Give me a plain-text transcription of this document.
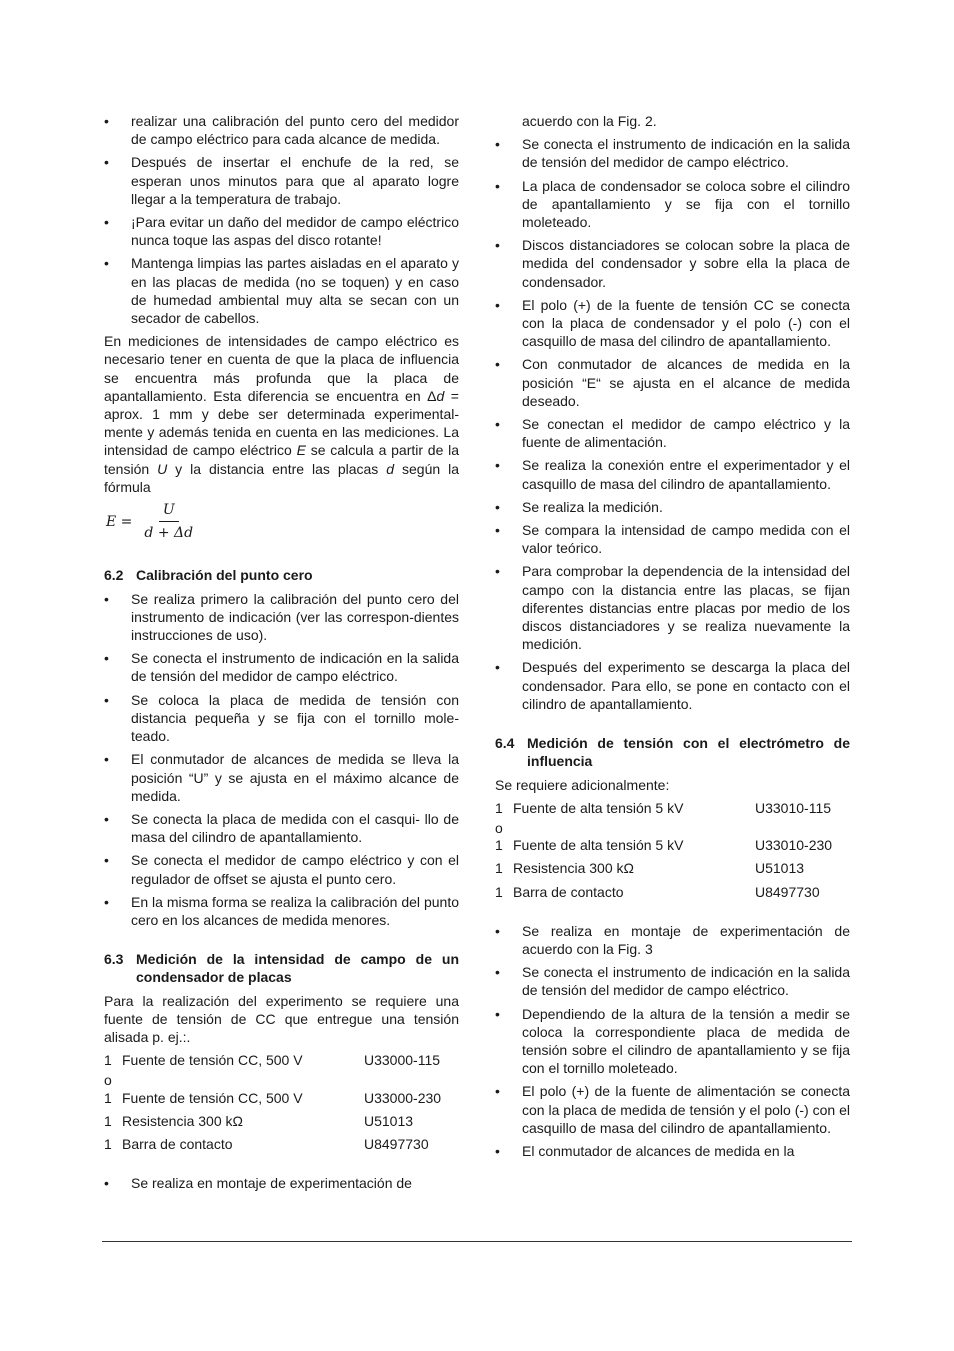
• realizar una calibración del punto cero del medidor de campo eléctrico para cada alcance de medida.
• Después de insertar el enchufe de la red, se esperan unos minutos para que al aparato logre llegar a la temperatura de trabajo.
• ¡Para evitar un daño del medidor de campo eléctrico nunca toque las aspas del disco rotante!
• Mantenga limpias las partes aisladas en el aparato y en las placas de medida (no se toquen) y en caso de humedad ambiental muy alta se secan con un secador de cabellos.

En mediciones de intensidades de campo eléctrico es necesario tener en cuenta de que la placa de influencia se encuentra más profunda que la placa de apantallamiento. Esta diferencia se encuentra en Δd = aprox. 1 mm y debe ser determinada experimental-mente y además tenida en cuenta en las mediciones. La intensidad de campo eléctrico E se calcula a partir de la tensión U y la distancia entre las placas d según la fórmula

$E = \frac{U}{d + \Delta d}$
6.2 Calibración del punto cero
• Se realiza primero la calibración del punto cero del instrumento de indicación (ver las correspon-dientes instrucciones de uso).
• Se conecta el instrumento de indicación en la salida de tensión del medidor de campo eléctrico.
• Se coloca la placa de medida de tensión con distancia pequeña y se fija con el tornillo mole-teado.
• El conmutador de alcances de medida se lleva la posición “U” y se ajusta en el máximo alcance de medida.
• Se conecta la placa de medida con el casqui- llo de masa del cilindro de apantallamiento.
• Se conecta el medidor de campo eléctrico y con el regulador de offset se ajusta el punto cero.
• En la misma forma se realiza la calibración del punto cero en los alcances de medida menores.
6.3 Medición de la intensidad de campo de un condensador de placas

Para la realización del experimento se requiere una fuente de tensión de CC que entregue una tensión alisada p. ej.:.

1 Fuente de tensión CC, 500 V	U33000-115
o
1 Fuente de tensión CC, 500 V	U33000-230
1 Resistencia 300 kΩ	U51013
1 Barra de contacto	U8497730
• Se realiza en montaje de experimentación de
acuerdo con la Fig. 2.
• Se conecta el instrumento de indicación en la salida de tensión del medidor de campo eléctrico.
• La placa de condensador se coloca sobre el cilindro de apantallamiento y se fija con el tornillo moleteado.
• Discos distanciadores se colocan sobre la placa de medida del condensador y sobre ella la placa de condensador.
• El polo (+) de la fuente de tensión CC se conecta con la placa de condensador y el polo (-) con el casquillo de masa del cilindro de apantallamiento.
• Con conmutador de alcances de medida en la posición “E“ se ajusta en el alcance de medida deseado.
• Se conectan el medidor de campo eléctrico y la fuente de alimentación.
• Se realiza la conexión entre el experimentador y el casquillo de masa del cilindro de apantallamiento.
• Se realiza la medición.
• Se compara la intensidad de campo medida con el valor teórico.
• Para comprobar la dependencia de la intensidad del campo con la distancia entre las placas, se fijan diferentes distancias entre placas por medio de los discos distanciadores y se realiza nuevamente la medición.
• Después del experimento se descarga la placa del condensador. Para ello, se pone en contacto con el cilindro de apantallamiento.
6.4 Medición de tensión con el electrómetro de influencia

Se requiere adicionalmente:

1 Fuente de alta tensión 5 kV	U33010-115
o
1 Fuente de alta tensión 5 kV	U33010-230
1 Resistencia 300 kΩ	U51013
1 Barra de contacto	U8497730
• Se realiza en montaje de experimentación de acuerdo con la Fig. 3
• Se conecta el instrumento de indicación en la salida de tensión del medidor de campo eléctrico.
• Dependiendo de la altura de la tensión a medir se coloca la correspondiente placa de medida de tensión sobre el cilindro de apantallamiento y se fija con el tornillo moleteado.
• El polo (+) de la fuente de alimentación se conecta con la placa de medida de tensión y el polo (-) con el casquillo de masa del cilindro de apantallamiento.
• El conmutador de alcances de medida en la
